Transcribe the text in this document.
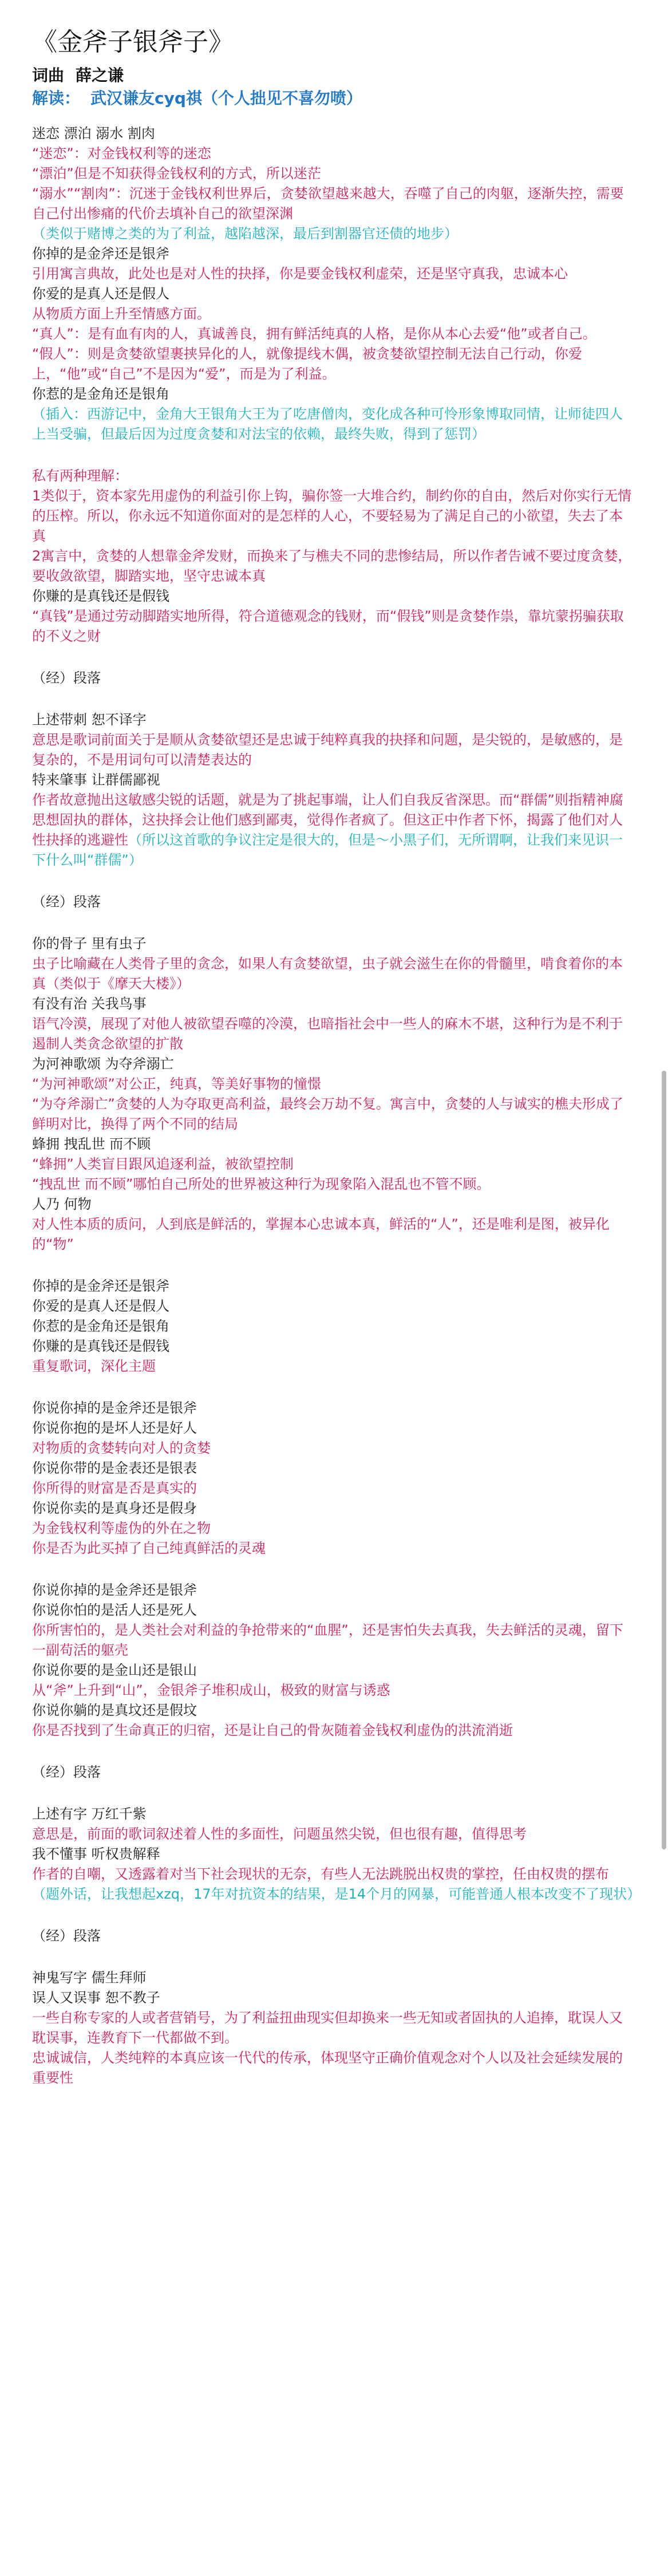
《金斧子银斧子》
词曲 薛之谦
解读： 武汉谦友cyq祺（个人拙见不喜勿喷）
迷恋 漂泊 溺水 割肉
“迷恋”：对金钱权利等的迷恋
“漂泊”但是不知获得金钱权利的方式，所以迷茫
“溺水”“割肉”：沉迷于金钱权利世界后，贪婪欲望越来越大，吞噬了自己的肉躯，逐渐失控，需要自己付出惨痛的代价去填补自己的欲望深渊
（类似于赌博之类的为了利益，越陷越深，最后到割器官还债的地步）
你掉的是金斧还是银斧
引用寓言典故，此处也是对人性的抉择，你是要金钱权利虚荣，还是坚守真我，忠诚本心
你爱的是真人还是假人
从物质方面上升至情感方面。
“真人”：是有血有肉的人，真诚善良，拥有鲜活纯真的人格，是你从本心去爱“他”或者自己。
“假人”：则是贪婪欲望裹挟异化的人，就像提线木偶，被贪婪欲望控制无法自己行动，你爱上，“他”或“自己”不是因为“爱”，而是为了利益。
你惹的是金角还是银角
（插入：西游记中，金角大王银角大王为了吃唐僧肉，变化成各种可怜形象博取同情，让师徒四人上当受骗，但最后因为过度贪婪和对法宝的依赖，最终失败，得到了惩罚）
私有两种理解：
1类似于，资本家先用虚伪的利益引你上钩，骗你签一大堆合约，制约你的自由，然后对你实行无情的压榨。所以，你永远不知道你面对的是怎样的人心，不要轻易为了满足自己的小欲望，失去了本真
2寓言中，贪婪的人想靠金斧发财，而换来了与樵夫不同的悲惨结局，所以作者告诫不要过度贪婪，要收敛欲望，脚踏实地，坚守忠诚本真
你赚的是真钱还是假钱
“真钱”是通过劳动脚踏实地所得，符合道德观念的钱财，而“假钱”则是贪婪作祟，靠坑蒙拐骗获取的不义之财
（经）段落
上述带刺 恕不译字
意思是歌词前面关于是顺从贪婪欲望还是忠诚于纯粹真我的抉择和问题，是尖锐的，是敏感的，是复杂的，不是用词句可以清楚表达的
特来肇事 让群儒鄙视
作者故意抛出这敏感尖锐的话题，就是为了挑起事端，让人们自我反省深思。而“群儒”则指精神腐思想固执的群体，这抉择会让他们感到鄙夷，觉得作者疯了。但这正中作者下怀，揭露了他们对人性抉择的逃避性（所以这首歌的争议注定是很大的，但是～小黑子们，无所谓啊，让我们来见识一下什么叫“群儒”）
（经）段落
你的骨子 里有虫子
虫子比喻藏在人类骨子里的贪念，如果人有贪婪欲望，虫子就会滋生在你的骨髓里，啃食着你的本真（类似于《摩天大楼》）
有没有治 关我鸟事
语气冷漠，展现了对他人被欲望吞噬的冷漠，也暗指社会中一些人的麻木不堪，这种行为是不利于遏制人类贪念欲望的扩散
为河神歌颂 为夺斧溺亡
“为河神歌颂”对公正，纯真，等美好事物的憧憬
“为夺斧溺亡”贪婪的人为夺取更高利益，最终会万劫不复。寓言中，贪婪的人与诚实的樵夫形成了鲜明对比，换得了两个不同的结局
蜂拥 拽乱世 而不顾
“蜂拥”人类盲目跟风追逐利益，被欲望控制
“拽乱世 而不顾”哪怕自己所处的世界被这种行为现象陷入混乱也不管不顾。
人乃 何物
对人性本质的质问，人到底是鲜活的，掌握本心忠诚本真，鲜活的“人”，还是唯利是图，被异化的“物”
你掉的是金斧还是银斧
你爱的是真人还是假人
你惹的是金角还是银角
你赚的是真钱还是假钱
重复歌词，深化主题
你说你掉的是金斧还是银斧
你说你抱的是坏人还是好人
对物质的贪婪转向对人的贪婪
你说你带的是金表还是银表
你所得的财富是否是真实的
你说你卖的是真身还是假身
为金钱权利等虚伪的外在之物
你是否为此买掉了自己纯真鲜活的灵魂
你说你掉的是金斧还是银斧
你说你怕的是活人还是死人
你所害怕的，是人类社会对利益的争抢带来的“血腥”，还是害怕失去真我，失去鲜活的灵魂，留下一副苟活的躯壳
你说你要的是金山还是银山
从“斧”上升到“山”，金银斧子堆积成山，极致的财富与诱惑
你说你躺的是真坟还是假坟
你是否找到了生命真正的归宿，还是让自己的骨灰随着金钱权利虚伪的洪流消逝
（经）段落
上述有字 万红千紫
意思是，前面的歌词叙述着人性的多面性，问题虽然尖锐，但也很有趣，值得思考
我不懂事 听权贵解释
作者的自嘲，又透露着对当下社会现状的无奈，有些人无法跳脱出权贵的掌控，任由权贵的摆布（题外话，让我想起xzq，17年对抗资本的结果，是14个月的网暴，可能普通人根本改变不了现状）
（经）段落
神鬼写字 儒生拜师
误人又误事 恕不教子
一些自称专家的人或者营销号，为了利益扭曲现实但却换来一些无知或者固执的人追捧，耽误人又耽误事，连教育下一代都做不到。
忠诚诚信，人类纯粹的本真应该一代代的传承，体现坚守正确价值观念对个人以及社会延续发展的重要性
